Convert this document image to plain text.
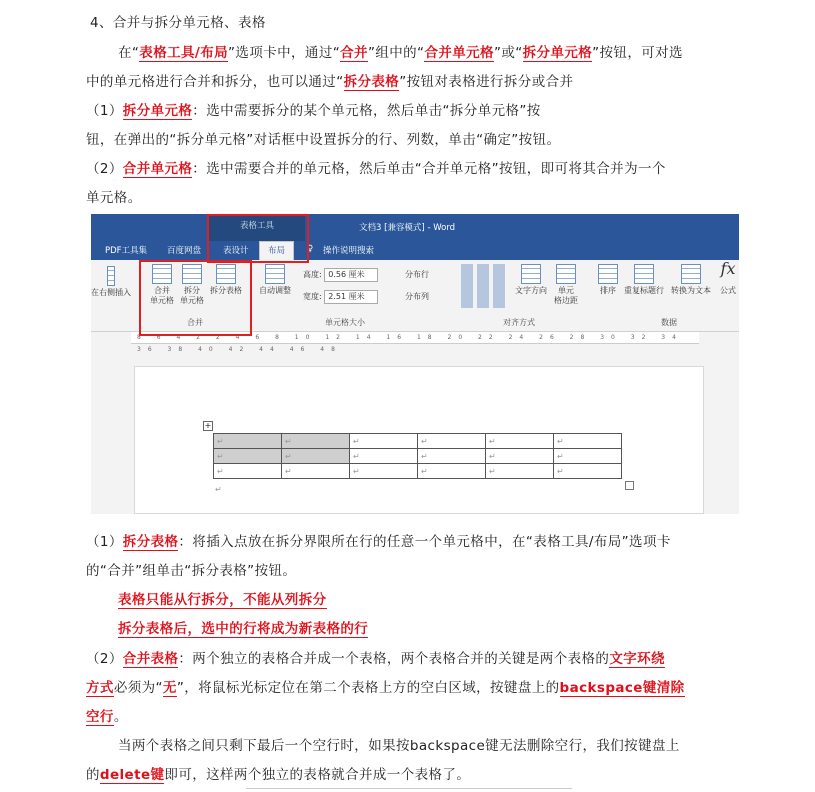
4、合并与拆分单元格、表格
在“表格工具/布局”选项卡中，通过“合并”组中的“合并单元格”或“拆分单元格”按钮，可对选
中的单元格进行合并和拆分，也可以通过“拆分表格”按钮对表格进行拆分或合并
（1）拆分单元格：选中需要拆分的某个单元格，然后单击“拆分单元格”按
钮，在弹出的“拆分单元格”对话框中设置拆分的行、列数，单击“确定”按钮。
（2）合并单元格：选中需要合并的单元格，然后单击“合并单元格”按钮，即可将其合并为一个
单元格。
表格工具	文档3 [兼容模式] - Word
PDF工具集 百度网盘	表设计	布局	♀ 操作说明搜索
在右侧插入	合并
单元格
拆分
单元格
拆分表格
合并
自动调整
高度: 0.56 厘米
宽度: 2.51 厘米
分布行
分布列
单元格大小
文字方向	单元
格边距
对齐方式
排序	重复标题行 转换为文本
fx
公式
数据
8 6 4 2 2 4 6 8 10 12 14 16 18 20 22 24 26 28 30 32 34 36 38 40 42 44 46 48
+
↵	↵	↵	↵	↵	↵
↵	↵	↵	↵	↵	↵
↵	↵	↵	↵	↵	↵
↵
（1）拆分表格：将插入点放在拆分界限所在行的任意一个单元格中，在“表格工具/布局”选项卡
的“合并”组单击“拆分表格”按钮。
表格只能从行拆分，不能从列拆分
拆分表格后，选中的行将成为新表格的行
（2）合并表格：两个独立的表格合并成一个表格，两个表格合并的关键是两个表格的文字环绕
方式必须为“无”，将鼠标光标定位在第二个表格上方的空白区域，按键盘上的backspace键清除
空行。
当两个表格之间只剩下最后一个空行时，如果按backspace键无法删除空行，我们按键盘上
的delete键即可，这样两个独立的表格就合并成一个表格了。
